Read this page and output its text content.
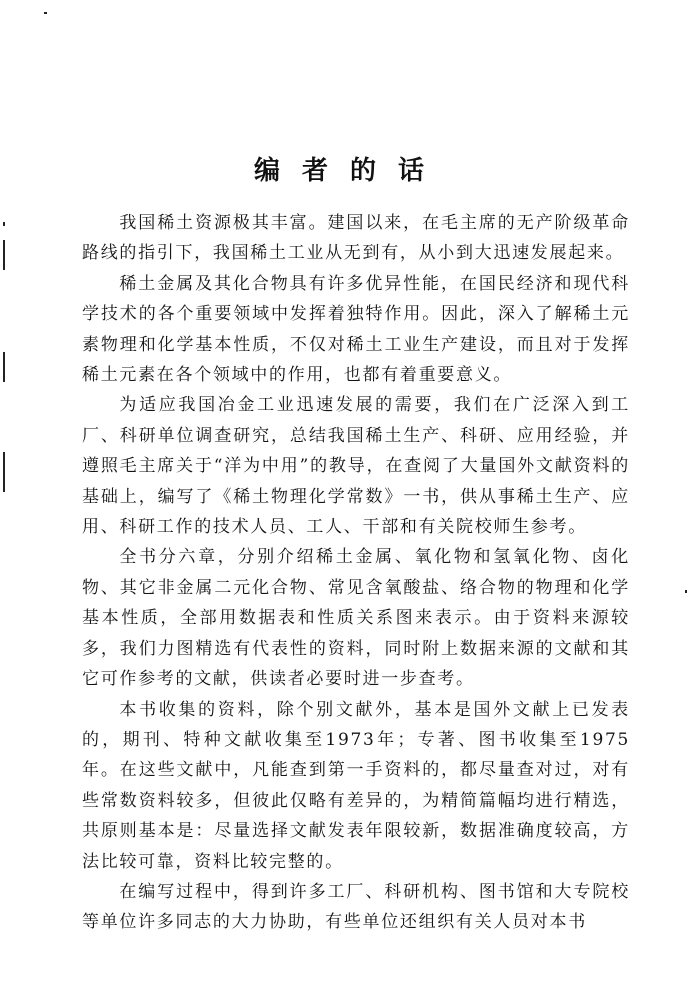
编者的话

我国稀土资源极其丰富。建国以来，在毛主席的无产阶级革命路线的指引下，我国稀土工业从无到有，从小到大迅速发展起来。

稀土金属及其化合物具有许多优异性能，在国民经济和现代科学技术的各个重要领域中发挥着独特作用。因此，深入了解稀土元素物理和化学基本性质，不仅对稀土工业生产建设，而且对于发挥稀土元素在各个领域中的作用，也都有着重要意义。

为适应我国冶金工业迅速发展的需要，我们在广泛深入到工厂、科研单位调查研究，总结我国稀土生产、科研、应用经验，并遵照毛主席关于“洋为中用”的教导，在查阅了大量国外文献资料的基础上，编写了《稀土物理化学常数》一书，供从事稀土生产、应用、科研工作的技术人员、工人、干部和有关院校师生参考。

全书分六章，分别介绍稀土金属、氧化物和氢氧化物、卤化物、其它非金属二元化合物、常见含氧酸盐、络合物的物理和化学基本性质，全部用数据表和性质关系图来表示。由于资料来源较多，我们力图精选有代表性的资料，同时附上数据来源的文献和其它可作参考的文献，供读者必要时进一步查考。

本书收集的资料，除个别文献外，基本是国外文献上已发表的，期刊、特种文献收集至1973年；专著、图书收集至1975年。在这些文献中，凡能查到第一手资料的，都尽量查对过，对有些常数资料较多，但彼此仅略有差异的，为精简篇幅均进行精选，共原则基本是：尽量选择文献发表年限较新，数据准确度较高，方法比较可靠，资料比较完整的。

在编写过程中，得到许多工厂、科研机构、图书馆和大专院校等单位许多同志的大力协助，有些单位还组织有关人员对本书
